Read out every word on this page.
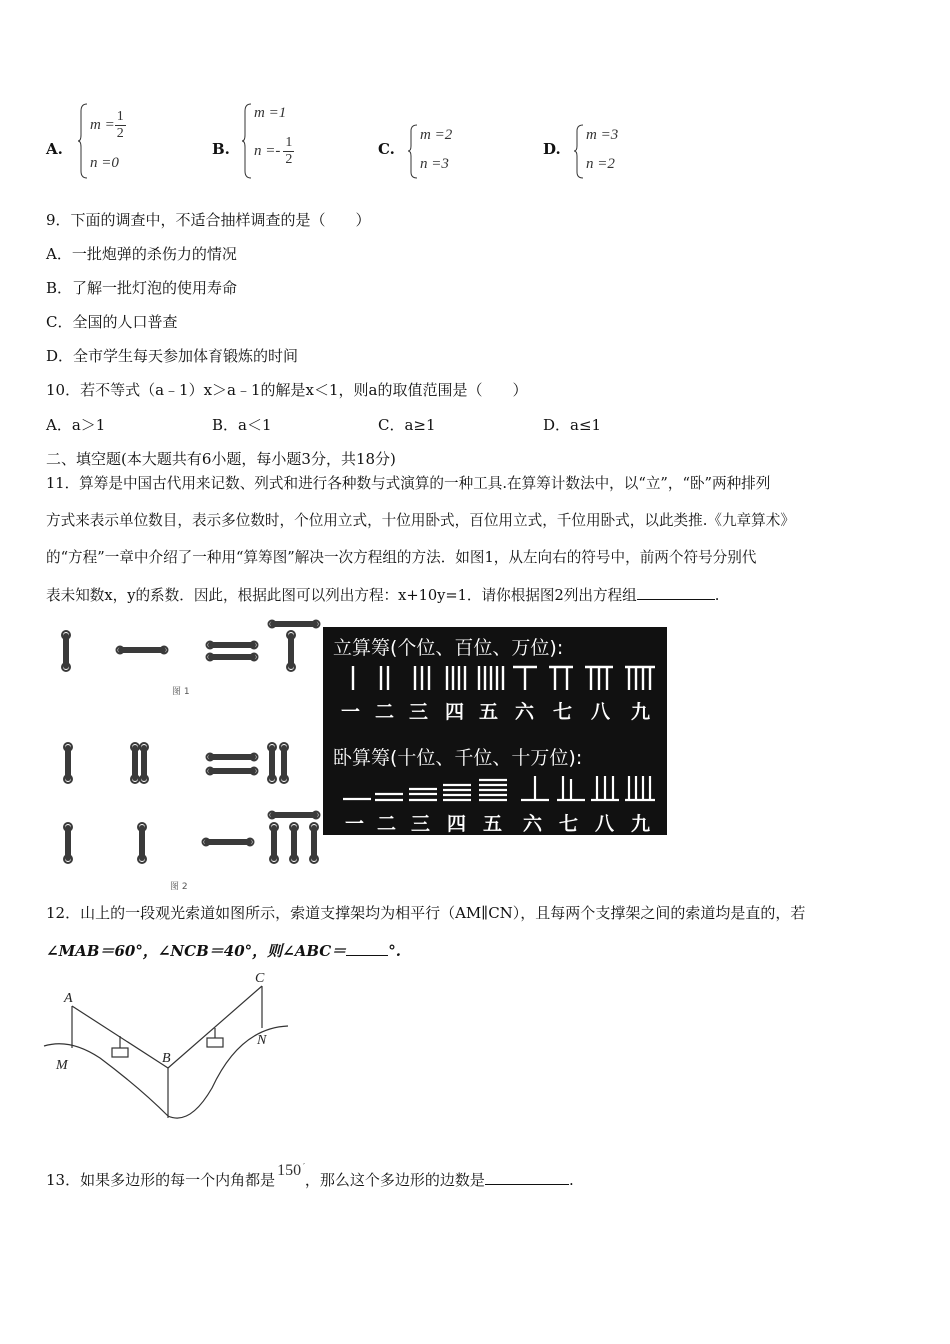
A.
$m = \frac{1}{2}$
n =0
B.
m =1
$n =- \frac{1}{2}$	C.
m =2
n =3
D.
m =3
n =2
9．下面的调查中，不适合抽样调查的是（　　）
A．一批炮弹的杀伤力的情况
B．了解一批灯泡的使用寿命
C．全国的人口普查
D．全市学生每天参加体育锻炼的时间
10．若不等式（a﹣1）x＞a﹣1的解是x＜1，则a的取值范围是（　　）
A．a＞1	B．a＜1	C．a≥1	D．a≤1
二、填空题(本大题共有6小题，每小题3分，共18分)
11．算筹是中国古代用来记数、列式和进行各种数与式演算的一种工具.在算筹计数法中，以“立”，“卧”两种排列
方式来表示单位数目，表示多位数时，个位用立式，十位用卧式，百位用立式，千位用卧式，以此类推.《九章算术》
的“方程”一章中介绍了一种用“算筹图”解决一次方程组的方法．如图1，从左向右的符号中，前两个符号分别代
表未知数x，y的系数．因此，根据此图可以列出方程：x+10y=1．请你根据图2列出方程组	.
图 1
图 2
立算筹(个位、百位、万位):
一 二 三 四 五 六 七 八 九
卧算筹(十位、千位、十万位):
一 二 三 四 五 六 七 八 九
12．山上的一段观光索道如图所示，索道支撑架均为相平行（AM∥CN），且每两个支撑架之间的索道均是直的，若
∠MAB＝60°，∠NCB＝40°，则∠ABC＝	°.
A
M	B
C
N
13．如果多边形的每一个内角都是150 ′，那么这个多边形的边数是	.
